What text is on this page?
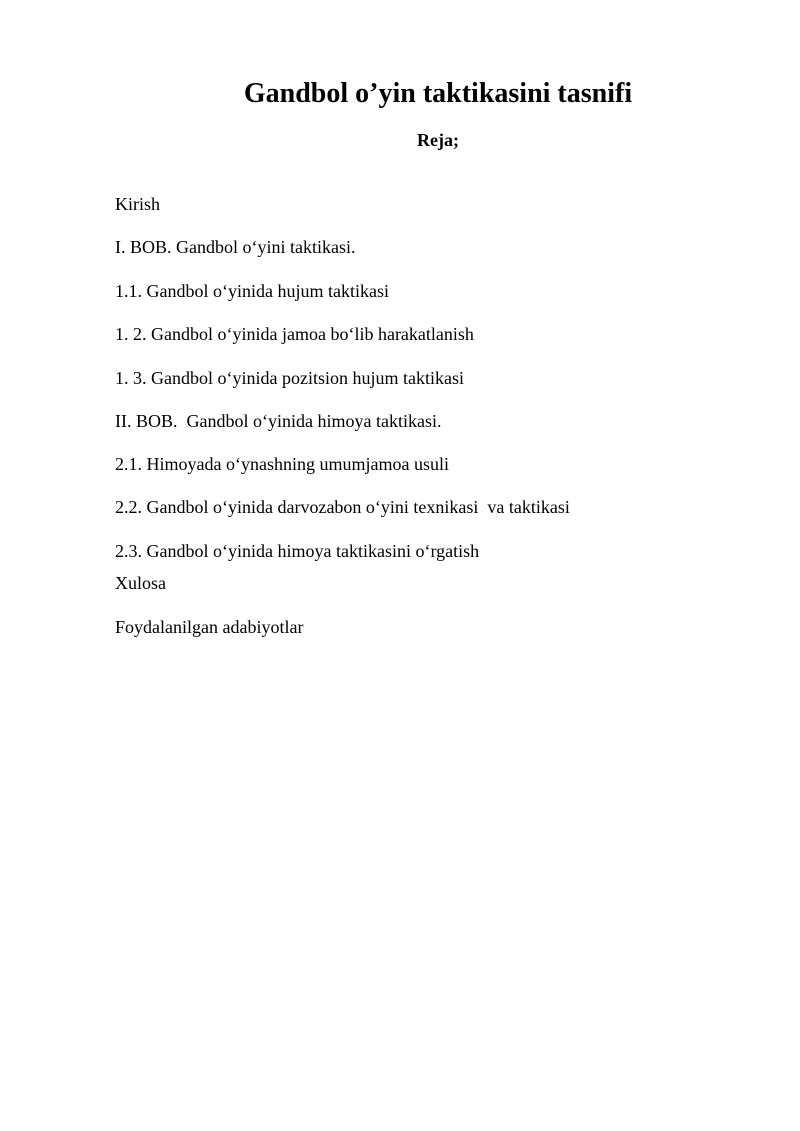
Gandbol o’yin taktikasini tasnifi
Reja;
Kirish
I. BOB. Gandbol o‘yini taktikasi.
1.1. Gandbol o‘yinida hujum taktikasi
1. 2. Gandbol o‘yinida jamoa bo‘lib harakatlanish
1. 3. Gandbol o‘yinida pozitsion hujum taktikasi
II. BOB.  Gandbol o‘yinida himoya taktikasi.
2.1. Himoyada o‘ynashning umumjamoa usuli
2.2. Gandbol o‘yinida darvozabon o‘yini texnikasi  va taktikasi
2.3. Gandbol o‘yinida himoya taktikasini o‘rgatish
Xulosa
Foydalanilgan adabiyotlar
